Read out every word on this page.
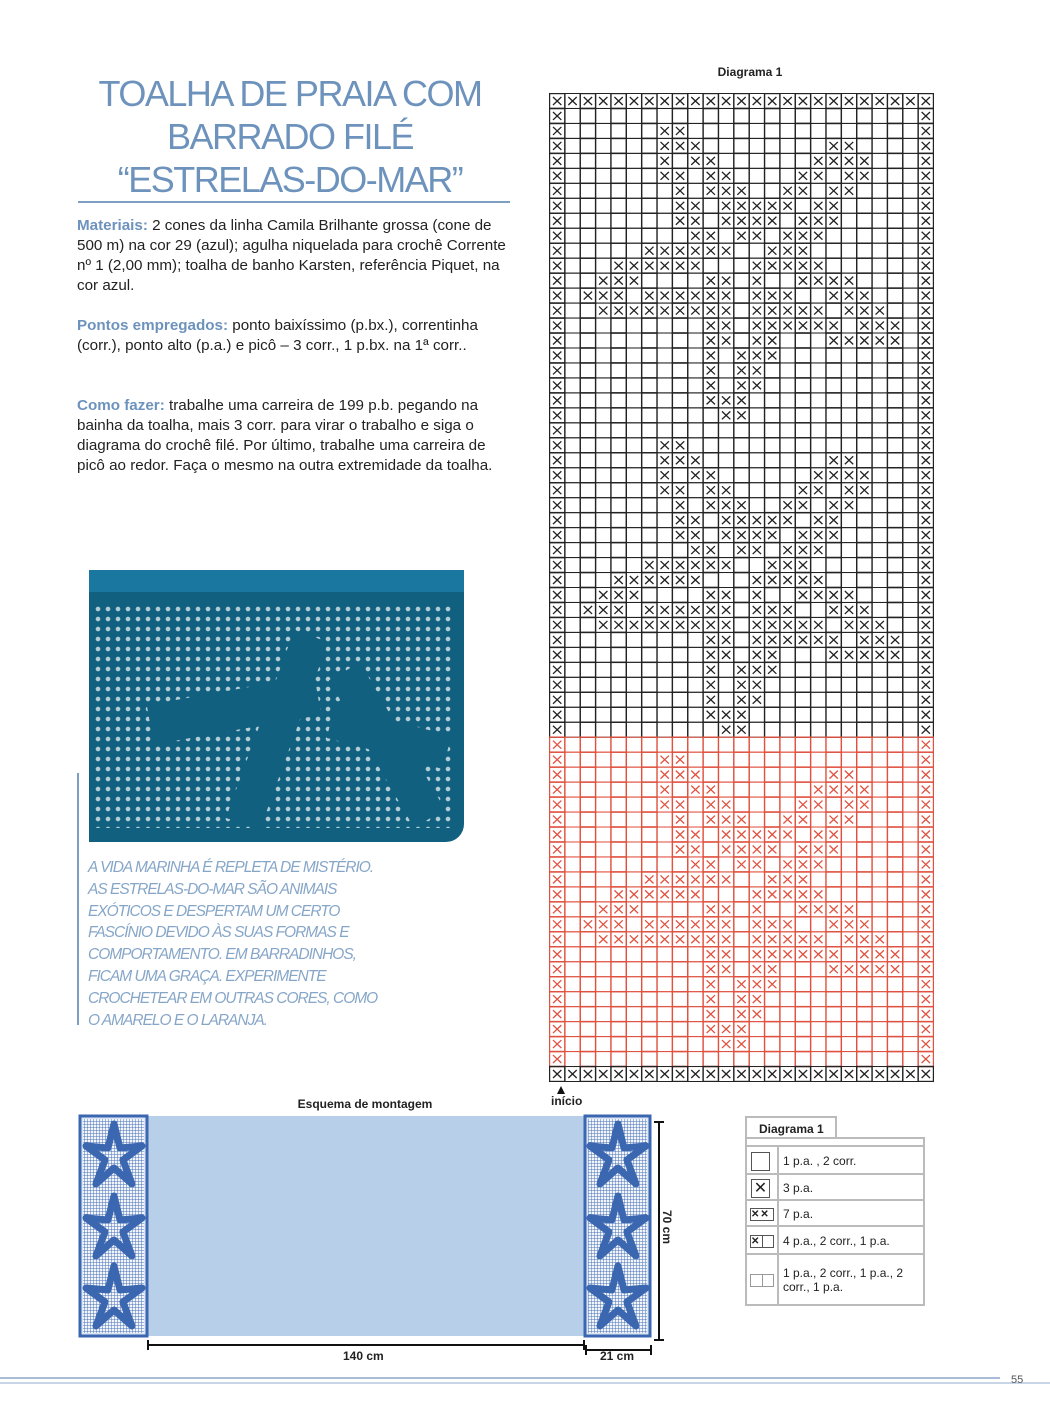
TOALHA DE PRAIA COM
BARRADO FILÉ
“ESTRELAS-DO-MAR”
Materiais: 2 cones da linha Camila Brilhante grossa (cone de 500 m) na cor 29 (azul); agulha niquelada para crochê Corrente nº 1 (2,00 mm); toalha de banho Karsten, referência Piquet, na cor azul.
Pontos empregados: ponto baixíssimo (p.bx.), correntinha (corr.), ponto alto (p.a.) e picô – 3 corr., 1 p.bx. na 1ª corr..
Como fazer: trabalhe uma carreira de 199 p.b. pegando na bainha da toalha, mais 3 corr. para virar o trabalho e siga o diagrama do crochê filé. Por último, trabalhe uma carreira de picô ao redor. Faça o mesmo na outra extremidade da toalha.
A VIDA MARINHA É REPLETA DE MISTÉRIO. AS ESTRELAS-DO-MAR SÃO ANIMAIS EXÓTICOS E DESPERTAM UM CERTO FASCÍNIO DEVIDO ÀS SUAS FORMAS E COMPORTAMENTO. EM BARRADINHOS, FICAM UMA GRAÇA. EXPERIMENTE CROCHETEAR EM OUTRAS CORES, COMO O AMARELO E O LARANJA.
Diagrama 1
início
Esquema de montagem
140 cm	21 cm
70 cm
Diagrama 1
1 p.a. , 2 corr.
✕ 3 p.a.
✕✕	7 p.a.
✕	4 p.a., 2 corr., 1 p.a.
1 p.a., 2 corr., 1 p.a., 2 corr., 1 p.a.
55
